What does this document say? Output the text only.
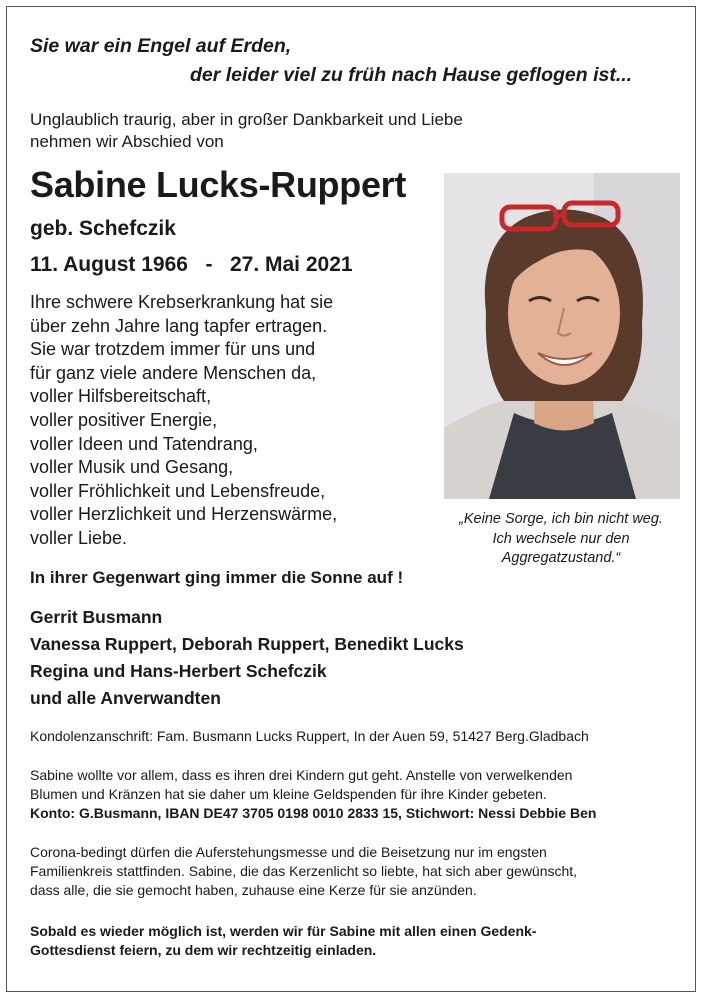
Sie war ein Engel auf Erden,

der leider viel zu früh nach Hause geflogen ist...

Unglaublich traurig, aber in großer Dankbarkeit und Liebe
nehmen wir Abschied von
Sabine Lucks-Ruppert
geb. Schefczik
11. August 1966   -   27. Mai 2021
Ihre schwere Krebserkrankung hat sie
über zehn Jahre lang tapfer ertragen.
Sie war trotzdem immer für uns und
für ganz viele andere Menschen da,
voller Hilfsbereitschaft,
voller positiver Energie,
voller Ideen und Tatendrang,
voller Musik und Gesang,
voller Fröhlichkeit und Lebensfreude,
voller Herzlichkeit und Herzenswärme,
voller Liebe.
„Keine Sorge, ich bin nicht weg.
Ich wechsele nur den
Aggregatzustand.“
In ihrer Gegenwart ging immer die Sonne auf !
Gerrit Busmann
Vanessa Ruppert, Deborah Ruppert, Benedikt Lucks
Regina und Hans-Herbert Schefczik
und alle Anverwandten
Kondolenzanschrift: Fam. Busmann Lucks Ruppert, In der Auen 59, 51427 Berg.Gladbach
Sabine wollte vor allem, dass es ihren drei Kindern gut geht. Anstelle von verwelkenden
Blumen und Kränzen hat sie daher um kleine Geldspenden für ihre Kinder gebeten.
Konto: G.Busmann, IBAN DE47 3705 0198 0010 2833 15, Stichwort: Nessi Debbie Ben
Corona-bedingt dürfen die Auferstehungsmesse und die Beisetzung nur im engsten
Familienkreis stattfinden. Sabine, die das Kerzenlicht so liebte, hat sich aber gewünscht,
dass alle, die sie gemocht haben, zuhause eine Kerze für sie anzünden.
Sobald es wieder möglich ist, werden wir für Sabine mit allen einen Gedenk-
Gottesdienst feiern, zu dem wir rechtzeitig einladen.
